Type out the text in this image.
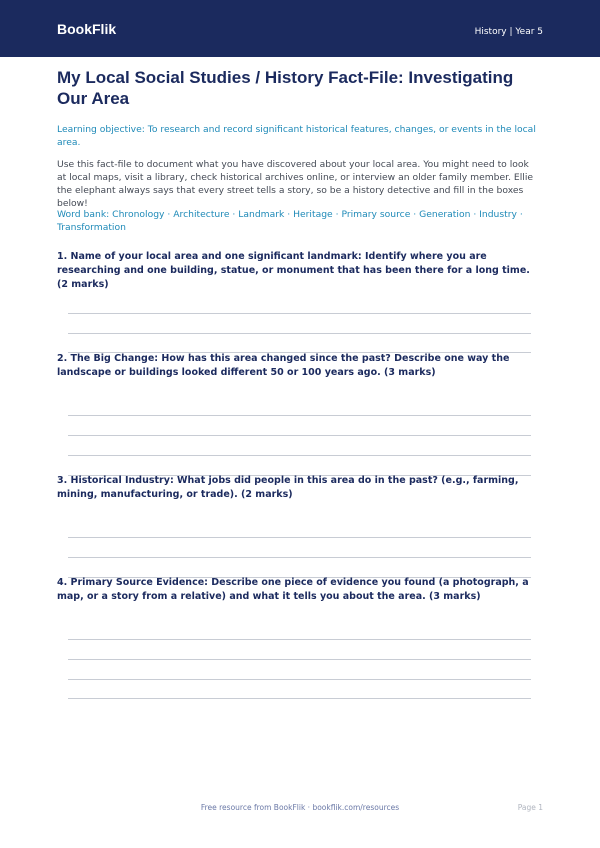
BookFlik	History | Year 5
My Local Social Studies / History Fact-File: Investigating Our Area

Learning objective: To research and record significant historical features, changes, or events in the local area.

Use this fact-file to document what you have discovered about your local area. You might need to look at local maps, visit a library, check historical archives online, or interview an older family member. Ellie the elephant always says that every street tells a story, so be a history detective and fill in the boxes below!

Word bank: Chronology · Architecture · Landmark · Heritage · Primary source · Generation · Industry · Transformation

1. Name of your local area and one significant landmark: Identify where you are researching and one building, statue, or monument that has been there for a long time. (2 marks)

2. The Big Change: How has this area changed since the past? Describe one way the landscape or buildings looked different 50 or 100 years ago. (3 marks)

3. Historical Industry: What jobs did people in this area do in the past? (e.g., farming, mining, manufacturing, or trade). (2 marks)

4. Primary Source Evidence: Describe one piece of evidence you found (a photograph, a map, or a story from a relative) and what it tells you about the area. (3 marks)

Free resource from BookFlik · bookflik.com/resources	Page 1
